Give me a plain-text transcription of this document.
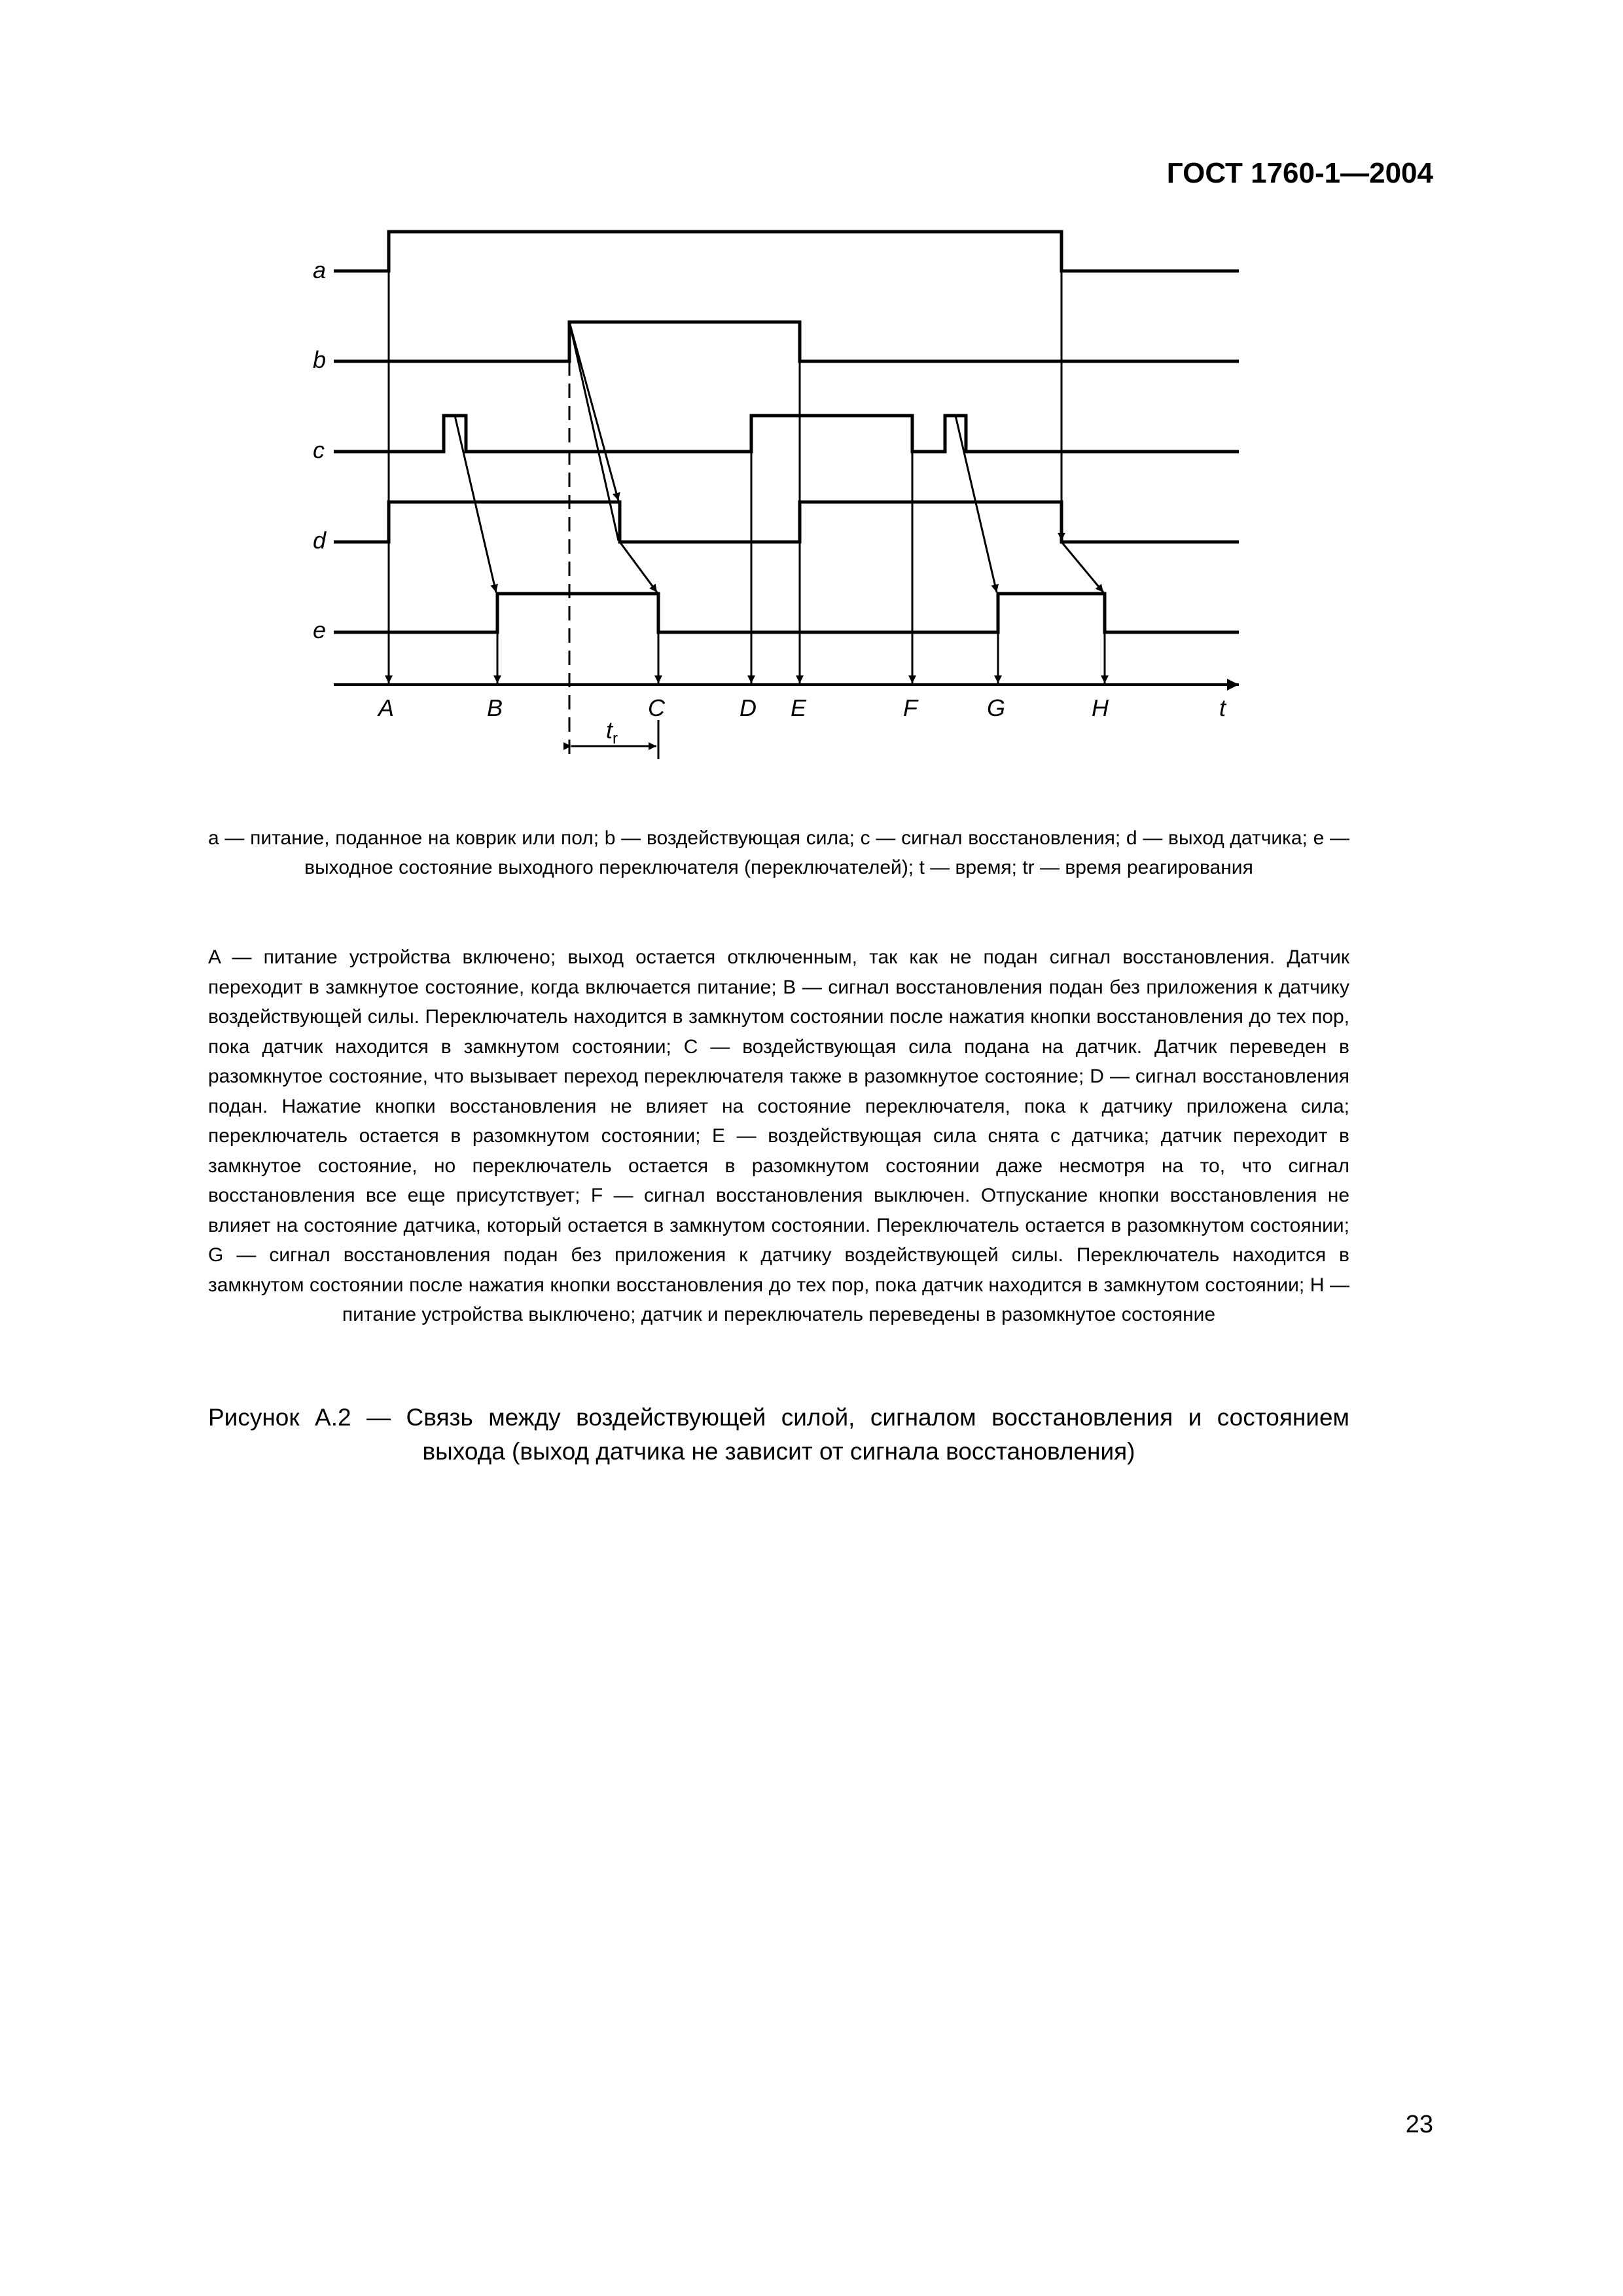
ГОСТ 1760-1—2004
a
b
c
d
e
A	B	C	D E	F	G	H	t
$t_r$
a — питание, поданное на коврик или пол; b — воздействующая сила; c — сигнал восстановления; d — выход датчика; e — выходное состояние выходного переключателя (переключателей); t — время; tr — время реагирования
A — питание устройства включено; выход остается отключенным, так как не подан сигнал восстановления. Датчик переходит в замкнутое состояние, когда включается питание; B — сигнал восстановления подан без приложения к датчику воздействующей силы. Переключатель находится в замкнутом состоянии после нажатия кнопки восстановления до тех пор, пока датчик находится в замкнутом состоянии; C — воздействующая сила подана на датчик. Датчик переведен в разомкнутое состояние, что вызывает переход переключателя также в разомкнутое состояние; D — сигнал восстановления подан. Нажатие кнопки восстановления не влияет на состояние переключателя, пока к датчику приложена сила; переключатель остается в разомкнутом состоянии; E — воздействующая сила снята с датчика; датчик переходит в замкнутое состояние, но переключатель остается в разомкнутом состоянии даже несмотря на то, что сигнал восстановления все еще присутствует; F — сигнал восстановления выключен. Отпускание кнопки восстановления не влияет на состояние датчика, который остается в замкнутом состоянии. Переключатель остается в разомкнутом состоянии; G — сигнал восстановления подан без приложения к датчику воздействующей силы. Переключатель находится в замкнутом состоянии после нажатия кнопки восстановления до тех пор, пока датчик находится в замкнутом состоянии; H — питание устройства выключено; датчик и переключатель переведены в разомкнутое состояние
Рисунок А.2 — Связь между воздействующей силой, сигналом восстановления и состоянием выхода (выход датчика не зависит от сигнала восстановления)
23
